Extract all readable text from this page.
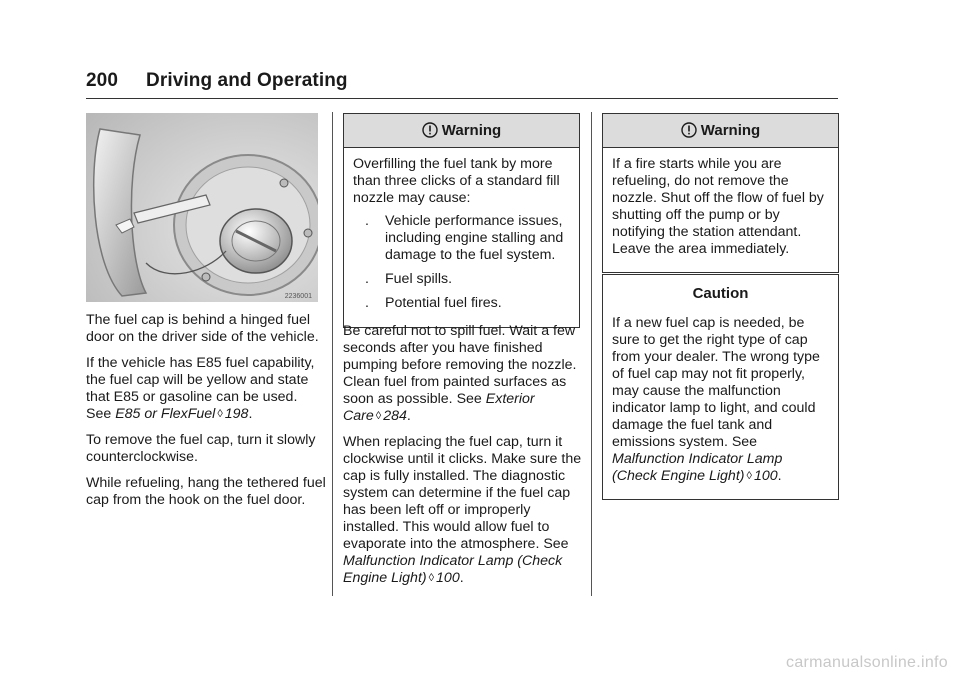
200 Driving and Operating
2236001

The fuel cap is behind a hinged fuel door on the driver side of the vehicle.

If the vehicle has E85 fuel capability, the fuel cap will be yellow and state that E85 or gasoline can be used. See E85 or FlexFuel ◊ 198.

To remove the fuel cap, turn it slowly counterclockwise.

While refueling, hang the tethered fuel cap from the hook on the fuel door.

Warning

Overfilling the fuel tank by more than three clicks of a standard fill nozzle may cause:

. Vehicle performance issues, including engine stalling and damage to the fuel system.
. Fuel spills.
. Potential fuel fires.

Be careful not to spill fuel. Wait a few seconds after you have finished pumping before removing the nozzle. Clean fuel from painted surfaces as soon as possible. See Exterior Care ◊ 284.

When replacing the fuel cap, turn it clockwise until it clicks. Make sure the cap is fully installed. The diagnostic system can determine if the fuel cap has been left off or improperly installed. This would allow fuel to evaporate into the atmosphere. See Malfunction Indicator Lamp (Check Engine Light) ◊ 100.

Warning

If a fire starts while you are refueling, do not remove the nozzle. Shut off the flow of fuel by shutting off the pump or by notifying the station attendant. Leave the area immediately.

Caution

If a new fuel cap is needed, be sure to get the right type of cap from your dealer. The wrong type of fuel cap may not fit properly, may cause the malfunction indicator lamp to light, and could damage the fuel tank and emissions system. See Malfunction Indicator Lamp (Check Engine Light) ◊ 100.

carmanualsonline.info
